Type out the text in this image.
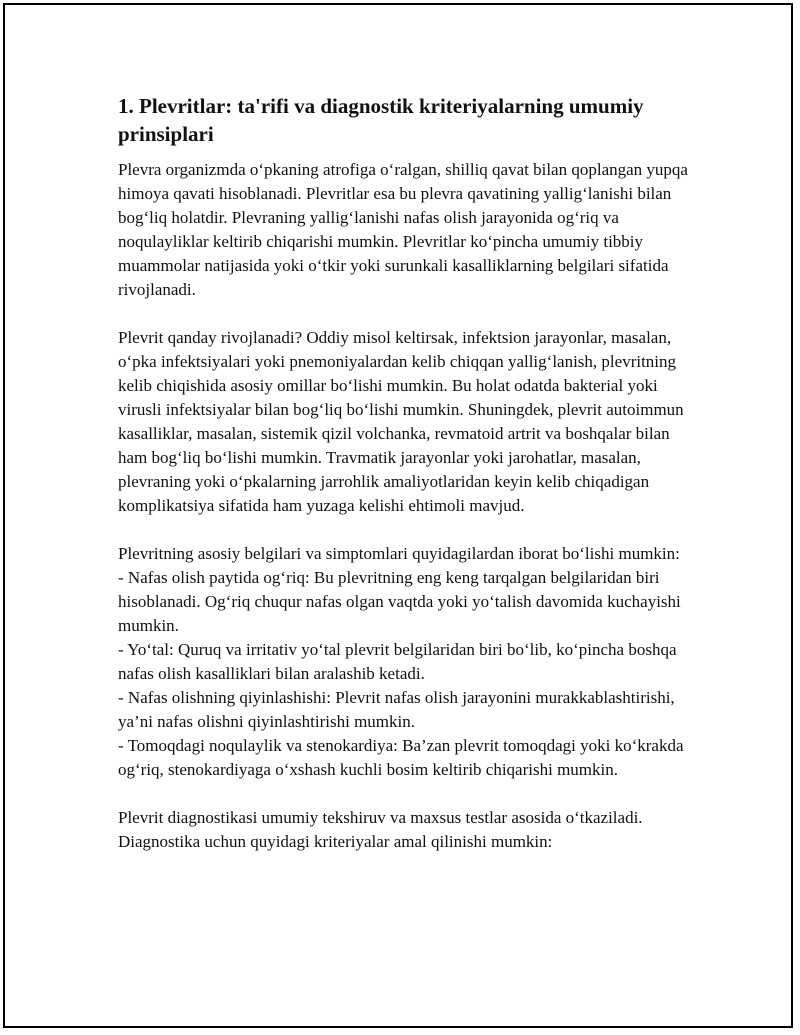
1. Plevritlar: ta'rifi va diagnostik kriteriyalarning umumiy prinsiplari

Plevra organizmda o‘pkaning atrofiga o‘ralgan, shilliq qavat bilan qoplangan yupqa himoya qavati hisoblanadi. Plevritlar esa bu plevra qavatining yallig‘lanishi bilan bog‘liq holatdir. Plevraning yallig‘lanishi nafas olish jarayonida og‘riq va noqulayliklar keltirib chiqarishi mumkin. Plevritlar ko‘pincha umumiy tibbiy muammolar natijasida yoki o‘tkir yoki surunkali kasalliklarning belgilari sifatida rivojlanadi.

Plevrit qanday rivojlanadi? Oddiy misol keltirsak, infektsion jarayonlar, masalan, o‘pka infektsiyalari yoki pnemoniyalardan kelib chiqqan yallig‘lanish, plevritning kelib chiqishida asosiy omillar bo‘lishi mumkin. Bu holat odatda bakterial yoki virusli infektsiyalar bilan bog‘liq bo‘lishi mumkin. Shuningdek, plevrit autoimmun kasalliklar, masalan, sistemik qizil volchanka, revmatoid artrit va boshqalar bilan ham bog‘liq bo‘lishi mumkin. Travmatik jarayonlar yoki jarohatlar, masalan, plevraning yoki o‘pkalarning jarrohlik amaliyotlaridan keyin kelib chiqadigan komplikatsiya sifatida ham yuzaga kelishi ehtimoli mavjud.

Plevritning asosiy belgilari va simptomlari quyidagilardan iborat bo‘lishi mumkin:
- Nafas olish paytida og‘riq: Bu plevritning eng keng tarqalgan belgilaridan biri hisoblanadi. Og‘riq chuqur nafas olgan vaqtda yoki yo‘talish davomida kuchayishi mumkin.
- Yo‘tal: Quruq va irritativ yo‘tal plevrit belgilaridan biri bo‘lib, ko‘pincha boshqa nafas olish kasalliklari bilan aralashib ketadi.
- Nafas olishning qiyinlashishi: Plevrit nafas olish jarayonini murakkablashtirishi, ya’ni nafas olishni qiyinlashtirishi mumkin.
- Tomoqdagi noqulaylik va stenokardiya: Ba’zan plevrit tomoqdagi yoki ko‘krakda og‘riq, stenokardiyaga o‘xshash kuchli bosim keltirib chiqarishi mumkin.

Plevrit diagnostikasi umumiy tekshiruv va maxsus testlar asosida o‘tkaziladi. Diagnostika uchun quyidagi kriteriyalar amal qilinishi mumkin:
